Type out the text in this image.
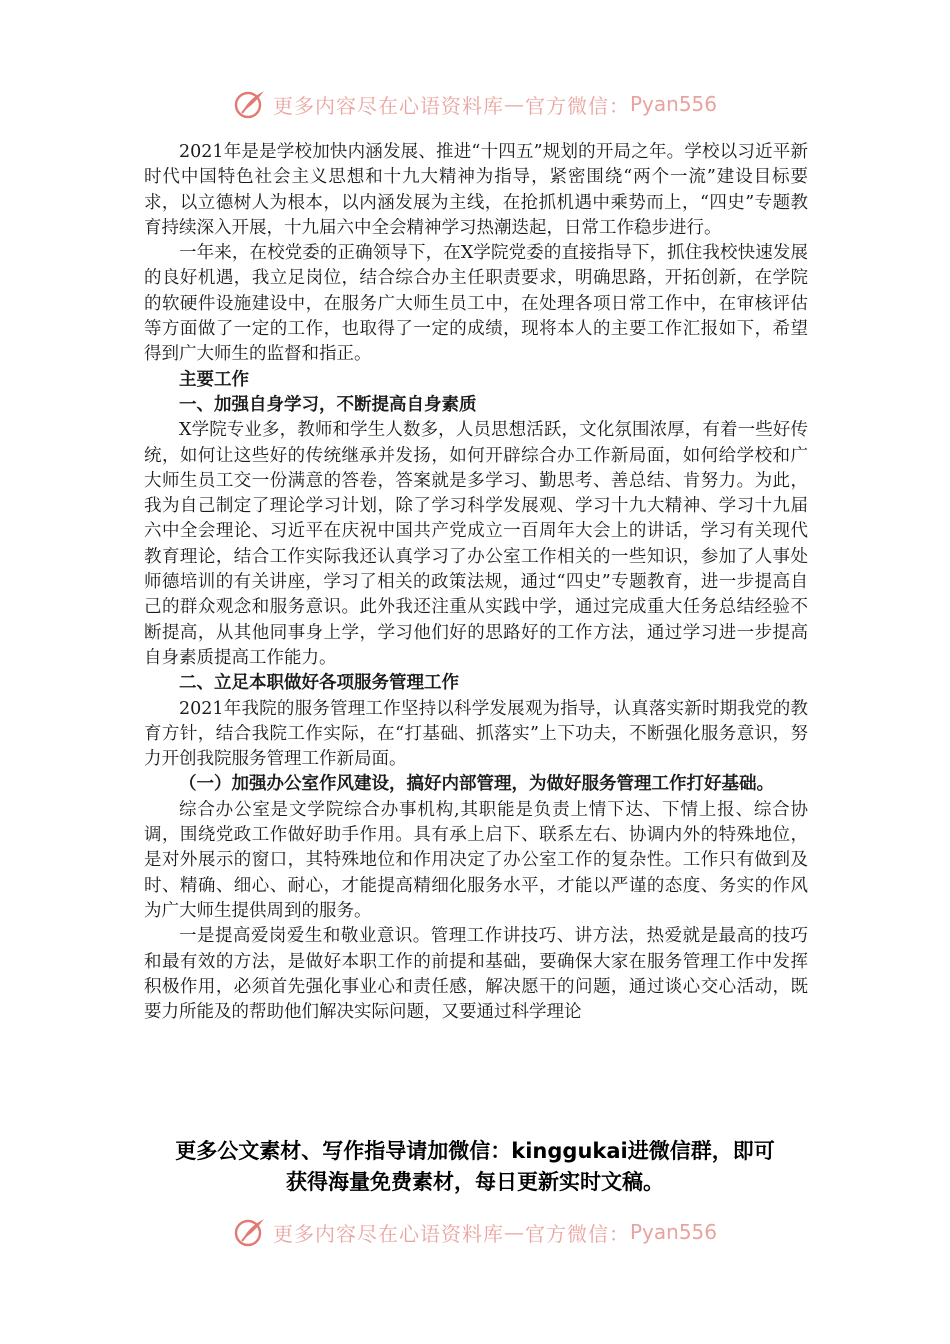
更多内容尽在心语资料库 — 官方微信： Pyan556

2021年是是学校加快内涵发展、推进“十四五”规划的开局之年。学校以习近平新时代中国特色社会主义思想和十九大精神为指导，紧密围绕“两个一流”建设目标要求，以立德树人为根本，以内涵发展为主线，在抢抓机遇中乘势而上，“四史”专题教育持续深入开展，十九届六中全会精神学习热潮迭起，日常工作稳步进行。

一年来，在校党委的正确领导下，在X学院党委的直接指导下，抓住我校快速发展的良好机遇，我立足岗位，结合综合办主任职责要求，明确思路，开拓创新，在学院的软硬件设施建设中，在服务广大师生员工中，在处理各项日常工作中，在审核评估等方面做了一定的工作，也取得了一定的成绩，现将本人的主要工作汇报如下，希望得到广大师生的监督和指正。

主要工作

一、加强自身学习，不断提高自身素质

X学院专业多，教师和学生人数多，人员思想活跃，文化氛围浓厚，有着一些好传统，如何让这些好的传统继承并发扬，如何开辟综合办工作新局面，如何给学校和广大师生员工交一份满意的答卷，答案就是多学习、勤思考、善总结、肯努力。为此，我为自己制定了理论学习计划，除了学习科学发展观、学习十九大精神、学习十九届六中全会理论、习近平在庆祝中国共产党成立一百周年大会上的讲话，学习有关现代教育理论，结合工作实际我还认真学习了办公室工作相关的一些知识，参加了人事处师德培训的有关讲座，学习了相关的政策法规，通过“四史”专题教育，进一步提高自己的群众观念和服务意识。此外我还注重从实践中学，通过完成重大任务总结经验不断提高，从其他同事身上学，学习他们好的思路好的工作方法，通过学习进一步提高自身素质提高工作能力。

二、立足本职做好各项服务管理工作

2021年我院的服务管理工作坚持以科学发展观为指导，认真落实新时期我党的教育方针，结合我院工作实际，在“打基础、抓落实”上下功夫，不断强化服务意识，努力开创我院服务管理工作新局面。

（一）加强办公室作风建设，搞好内部管理，为做好服务管理工作打好基础。

综合办公室是文学院综合办事机构,其职能是负责上情下达、下情上报、综合协调，围绕党政工作做好助手作用。具有承上启下、联系左右、协调内外的特殊地位，是对外展示的窗口，其特殊地位和作用决定了办公室工作的复杂性。工作只有做到及时、精确、细心、耐心，才能提高精细化服务水平，才能以严谨的态度、务实的作风为广大师生提供周到的服务。

一是提高爱岗爱生和敬业意识。管理工作讲技巧、讲方法，热爱就是最高的技巧和最有效的方法，是做好本职工作的前提和基础，要确保大家在服务管理工作中发挥积极作用，必须首先强化事业心和责任感，解决愿干的问题，通过谈心交心活动，既要力所能及的帮助他们解决实际问题，又要通过科学理论

更多公文素材、写作指导请加微信：kinggukai进微信群，即可
获得海量免费素材，每日更新实时文稿。
更多内容尽在心语资料库 — 官方微信： Pyan556
